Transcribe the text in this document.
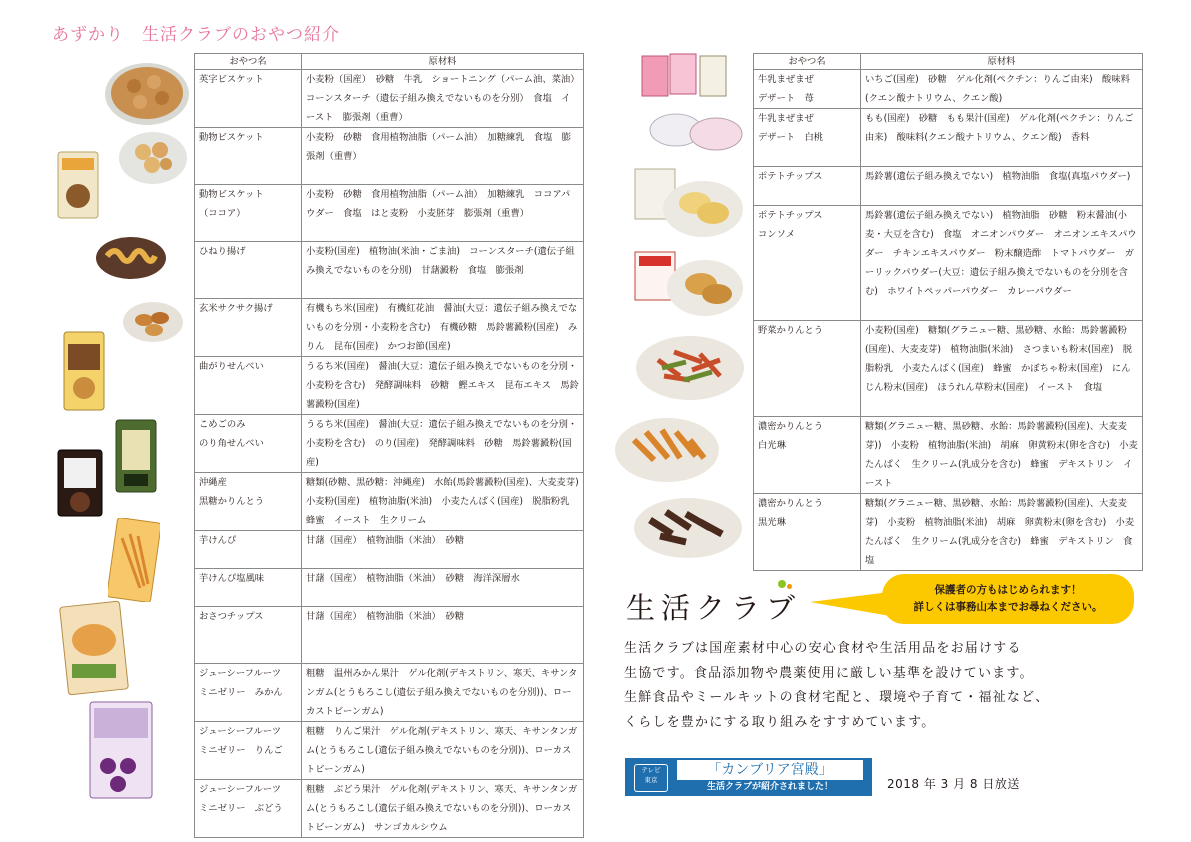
あずかり　生活クラブのおやつ紹介
おやつ名	原材料
英字ビスケット	小麦粉（国産）　砂糖　牛乳　ショートニング（パーム油、菜油）　コーンスターチ（遺伝子組み換えでないものを分別）　食塩　イースト　膨張剤（重曹）
動物ビスケット	小麦粉　砂糖　食用植物油脂（パーム油）　加糖練乳　食塩　膨張剤（重曹）
動物ビスケット
（ココア）	小麦粉　砂糖　食用植物油脂（パーム油）　加糖練乳　ココアパウダー　食塩　はと麦粉　小麦胚芽　膨張剤（重曹）
ひねり揚げ	小麦粉(国産)　植物油(米油・ごま油)　コーンスターチ(遺伝子組み換えでないものを分別)　甘藷澱粉　食塩　膨張剤
玄米サクサク揚げ	有機もち米(国産)　有機紅花油　醤油(大豆：遺伝子組み換えでないものを分別・小麦粉を含む)　有機砂糖　馬鈴薯澱粉(国産)　みりん　昆布(国産)　かつお節(国産)
曲がりせんべい	うるち米(国産)　醤油(大豆：遺伝子組み換えでないものを分別・小麦粉を含む)　発酵調味料　砂糖　鰹エキス　昆布エキス　馬鈴薯澱粉(国産)
こめごのみ
のり角せんべい	うるち米(国産)　醤油(大豆：遺伝子組み換えでないものを分別・小麦粉を含む)　のり(国産)　発酵調味料　砂糖　馬鈴薯澱粉(国産)
沖縄産
黒糖かりんとう	糖類(砂糖、黒砂糖：沖縄産)　水飴(馬鈴薯澱粉(国産)、大麦麦芽)　小麦粉(国産)　植物油脂(米油)　小麦たんぱく(国産)　脱脂粉乳　蜂蜜　イースト　生クリーム
芋けんぴ	甘藷（国産）　植物油脂（米油）　砂糖
芋けんぴ塩風味	甘藷（国産）　植物油脂（米油）　砂糖　海洋深層水
おさつチップス	甘藷（国産）　植物油脂（米油）　砂糖
ジューシーフルーツ
ミニゼリー　みかん	粗糖　温州みかん果汁　ゲル化剤(デキストリン、寒天、キサンタンガム(とうもろこし(遺伝子組み換えでないものを分別))、ローカストビーンガム)
ジューシーフルーツ
ミニゼリー　りんご	粗糖　りんご果汁　ゲル化剤(デキストリン、寒天、キサンタンガム(とうもろこし(遺伝子組み換えでないものを分別))、ローカストビーンガム)
ジューシーフルーツ
ミニゼリー　ぶどう	粗糖　ぶどう果汁　ゲル化剤(デキストリン、寒天、キサンタンガム(とうもろこし(遺伝子組み換えでないものを分別))、ローカストビーンガム)　サンゴカルシウム
おやつ名	原材料
牛乳まぜまぜ
デザート　苺	いちご(国産)　砂糖　ゲル化剤(ペクチン：りんご由来)　酸味料(クエン酸ナトリウム、クエン酸)
牛乳まぜまぜ
デザート　白桃	もも(国産)　砂糖　もも果汁(国産)　ゲル化剤(ペクチン：りんご由来)　酸味料(クエン酸ナトリウム、クエン酸)　香料
ポテトチップス	馬鈴薯(遺伝子組み換えでない)　植物油脂　食塩(真塩パウダー)
ポテトチップス
コンソメ	馬鈴薯(遺伝子組み換えでない)　植物油脂　砂糖　粉末醤油(小麦・大豆を含む)　食塩　オニオンパウダー　オニオンエキスパウダー　チキンエキスパウダー　粉末醸造酢　トマトパウダー　ガーリックパウダー(大豆：遺伝子組み換えでないものを分別を含む)　ホワイトペッパーパウダー　カレーパウダー
野菜かりんとう	小麦粉(国産)　糖類(グラニュー糖、黒砂糖、水飴：馬鈴薯澱粉(国産)、大麦麦芽)　植物油脂(米油)　さつまいも粉末(国産)　脱脂粉乳　小麦たんぱく(国産)　蜂蜜　かぼちゃ粉末(国産)　にんじん粉末(国産)　ほうれん草粉末(国産)　イースト　食塩
濃密かりんとう
白光琳	糖類(グラニュー糖、黒砂糖、水飴：馬鈴薯澱粉(国産)、大麦麦芽))　小麦粉　植物油脂(米油)　胡麻　卵黄粉末(卵を含む)　小麦たんぱく　生クリーム(乳成分を含む)　蜂蜜　デキストリン　イースト
濃密かりんとう
黒光琳	糖類(グラニュー糖、黒砂糖、水飴：馬鈴薯澱粉(国産)、大麦麦芽)　小麦粉　植物油脂(米油)　胡麻　卵黄粉末(卵を含む)　小麦たんぱく　生クリーム(乳成分を含む)　蜂蜜　デキストリン　食塩
生活クラブ
保護者の方もはじめられます！
詳しくは事務山本までお尋ねください。
生活クラブは国産素材中心の安心食材や生活用品をお届けする
生協です。食品添加物や農薬使用に厳しい基準を設けています。
生鮮食品やミールキットの食材宅配と、環境や子育て・福祉など、
くらしを豊かにする取り組みをすすめています。
テレビ
東京
「カンブリア宮殿」
生活クラブが紹介されました！	2018 年 3 月 8 日放送
